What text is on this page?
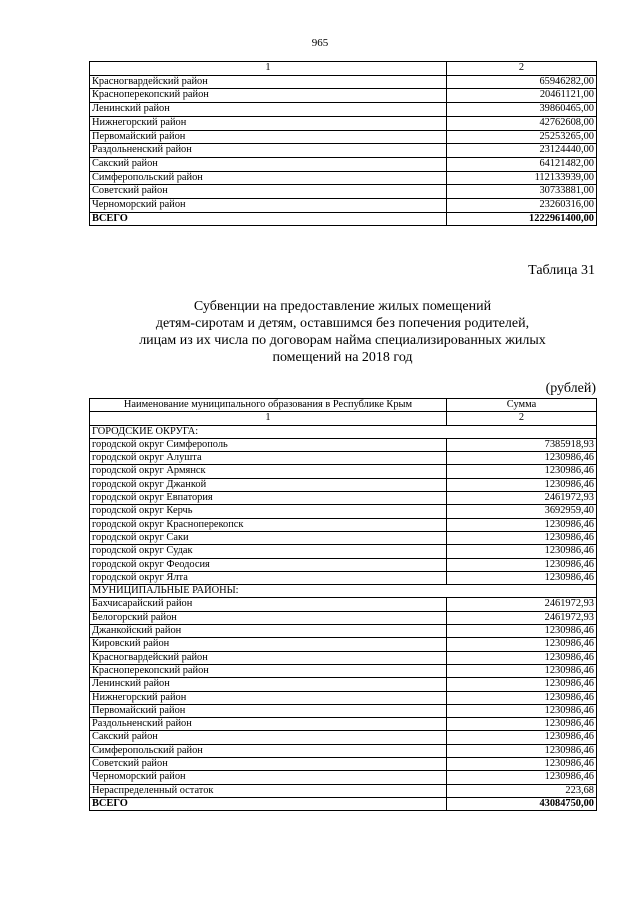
965
1	2
Красногвардейский район	65946282,00
Красноперекопский район	20461121,00
Ленинский район	39860465,00
Нижнегорский район	42762608,00
Первомайский район	25253265,00
Раздольненский район	23124440,00
Сакский район	64121482,00
Симферопольский район	112133939,00
Советский район	30733881,00
Черноморский район	23260316,00
ВСЕГО	1222961400,00
Таблица 31
Субвенции на предоставление жилых помещений
детям-сиротам и детям, оставшимся без попечения родителей,
лицам из их числа по договорам найма специализированных жилых
помещений на 2018 год
(рублей)
Наименование муниципального образования в Республике Крым	Сумма
1	2
ГОРОДСКИЕ ОКРУГА:	
городской округ Симферополь	7385918,93
городской округ Алушта	1230986,46
городской округ Армянск	1230986,46
городской округ Джанкой	1230986,46
городской округ Евпатория	2461972,93
городской округ Керчь	3692959,40
городской округ Красноперекопск	1230986,46
городской округ Саки	1230986,46
городской округ Судак	1230986,46
городской округ Феодосия	1230986,46
городской округ Ялта	1230986,46
МУНИЦИПАЛЬНЫЕ РАЙОНЫ:	
Бахчисарайский район	2461972,93
Белогорский район	2461972,93
Джанкойский район	1230986,46
Кировский район	1230986,46
Красногвардейский район	1230986,46
Красноперекопский район	1230986,46
Ленинский район	1230986,46
Нижнегорский район	1230986,46
Первомайский район	1230986,46
Раздольненский район	1230986,46
Сакский район	1230986,46
Симферопольский район	1230986,46
Советский район	1230986,46
Черноморский район	1230986,46
Нераспределенный остаток	223,68
ВСЕГО	43084750,00
